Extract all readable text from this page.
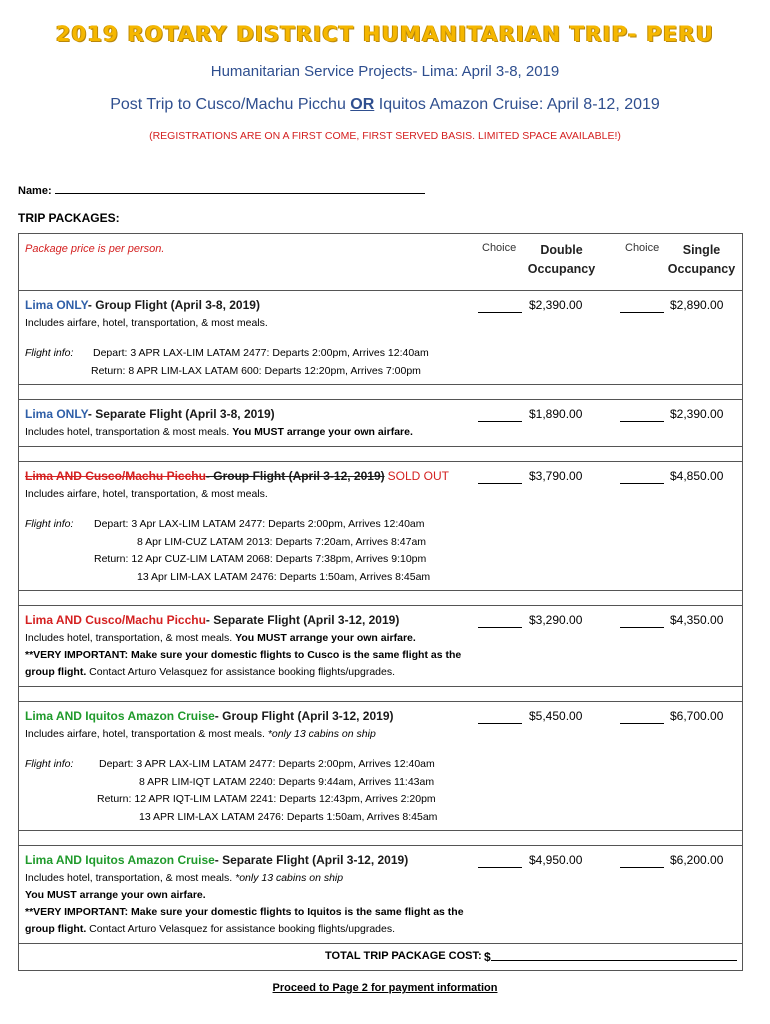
2019 ROTARY DISTRICT HUMANITARIAN TRIP- PERU
Humanitarian Service Projects- Lima: April 3-8, 2019
Post Trip to Cusco/Machu Picchu OR Iquitos Amazon Cruise: April 8-12, 2019
(REGISTRATIONS ARE ON A FIRST COME, FIRST SERVED BASIS. LIMITED SPACE AVAILABLE!)
Name:
TRIP PACKAGES:
Package price is per person.	Choice	Double
Occupancy
Choice	Single
Occupancy
Lima ONLY- Group Flight (April 3-8, 2019)
Includes airfare, hotel, transportation, & most meals.
$2,390.00	$2,890.00
Flight info: Depart: 3 APR LAX-LIM LATAM 2477: Departs 2:00pm, Arrives 12:40am
Return: 8 APR LIM-LAX LATAM 600: Departs 12:20pm, Arrives 7:00pm
Lima ONLY- Separate Flight (April 3-8, 2019)
Includes hotel, transportation & most meals. You MUST arrange your own airfare.
$1,890.00	$2,390.00
Lima AND Cusco/Machu Picchu- Group Flight (April 3-12, 2019) SOLD OUT
Includes airfare, hotel, transportation, & most meals.
$3,790.00	$4,850.00
Flight info:	Depart: 3 Apr LAX-LIM LATAM 2477: Departs 2:00pm, Arrives 12:40am
8 Apr LIM-CUZ LATAM 2013: Departs 7:20am, Arrives 8:47am
Return: 12 Apr CUZ-LIM LATAM 2068: Departs 7:38pm, Arrives 9:10pm
13 Apr LIM-LAX LATAM 2476: Departs 1:50am, Arrives 8:45am
Lima AND Cusco/Machu Picchu- Separate Flight (April 3-12, 2019)
Includes hotel, transportation, & most meals. You MUST arrange your own airfare.
**VERY IMPORTANT: Make sure your domestic flights to Cusco is the same flight as the group flight. Contact Arturo Velasquez for assistance booking flights/upgrades.
$3,290.00	$4,350.00
Lima AND Iquitos Amazon Cruise- Group Flight (April 3-12, 2019)
Includes airfare, hotel, transportation & most meals. *only 13 cabins on ship
$5,450.00	$6,700.00
Flight info:	Depart: 3 APR LAX-LIM LATAM 2477: Departs 2:00pm, Arrives 12:40am
8 APR LIM-IQT LATAM 2240: Departs 9:44am, Arrives 11:43am
Return: 12 APR IQT-LIM LATAM 2241: Departs 12:43pm, Arrives 2:20pm
13 APR LIM-LAX LATAM 2476: Departs 1:50am, Arrives 8:45am
Lima AND Iquitos Amazon Cruise- Separate Flight (April 3-12, 2019)
Includes hotel, transportation, & most meals. *only 13 cabins on ship
You MUST arrange your own airfare.
**VERY IMPORTANT: Make sure your domestic flights to Iquitos is the same flight as the group flight. Contact Arturo Velasquez for assistance booking flights/upgrades.
$4,950.00	$6,200.00
TOTAL TRIP PACKAGE COST: $
Proceed to Page 2 for payment information
